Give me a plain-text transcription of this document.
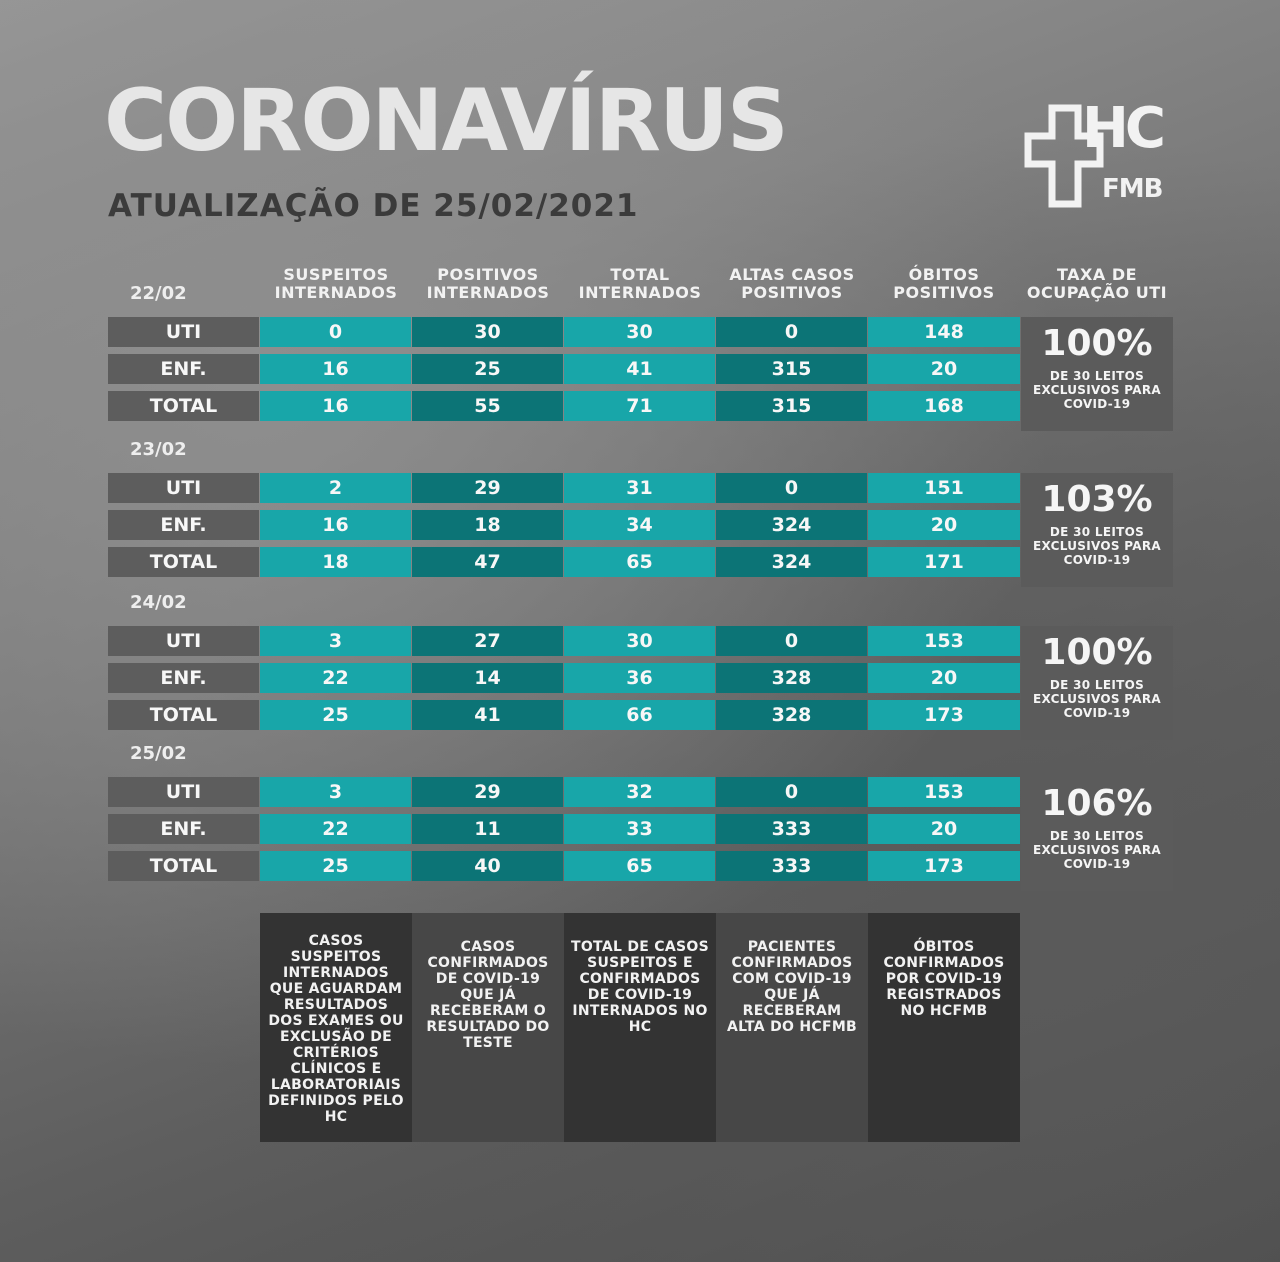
CORONAVÍRUS
ATUALIZAÇÃO DE 25/02/2021
HC
FMB
SUSPEITOS INTERNADOS
POSITIVOS INTERNADOS
TOTAL INTERNADOS
ALTAS CASOS POSITIVOS
ÓBITOS POSITIVOS
TAXA DE OCUPAÇÃO UTI
22/02
UTI	0	30	30	0	148
ENF.	16	25	41	315	20
TOTAL	16	55	71	315	168
100%
DE 30 LEITOS EXCLUSIVOS PARA COVID-19
23/02
UTI	2	29	31	0	151
ENF.	16	18	34	324	20
TOTAL	18	47	65	324	171
103%
DE 30 LEITOS EXCLUSIVOS PARA COVID-19
24/02
UTI	3	27	30	0	153
ENF.	22	14	36	328	20
TOTAL	25	41	66	328	173
100%
DE 30 LEITOS EXCLUSIVOS PARA COVID-19
25/02
UTI	3	29	32	0	153
ENF.	22	11	33	333	20
TOTAL	25	40	65	333	173
106%
DE 30 LEITOS EXCLUSIVOS PARA COVID-19
CASOS SUSPEITOS INTERNADOS QUE AGUARDAM RESULTADOS DOS EXAMES OU EXCLUSÃO DE CRITÉRIOS CLÍNICOS E LABORATORIAIS DEFINIDOS PELO HC
CASOS CONFIRMADOS DE COVID-19 QUE JÁ RECEBERAM O RESULTADO DO TESTE
TOTAL DE CASOS SUSPEITOS E CONFIRMADOS DE COVID-19 INTERNADOS NO HC
PACIENTES CONFIRMADOS COM COVID-19 QUE JÁ RECEBERAM ALTA DO HCFMB
ÓBITOS CONFIRMADOS POR COVID-19 REGISTRADOS NO HCFMB
